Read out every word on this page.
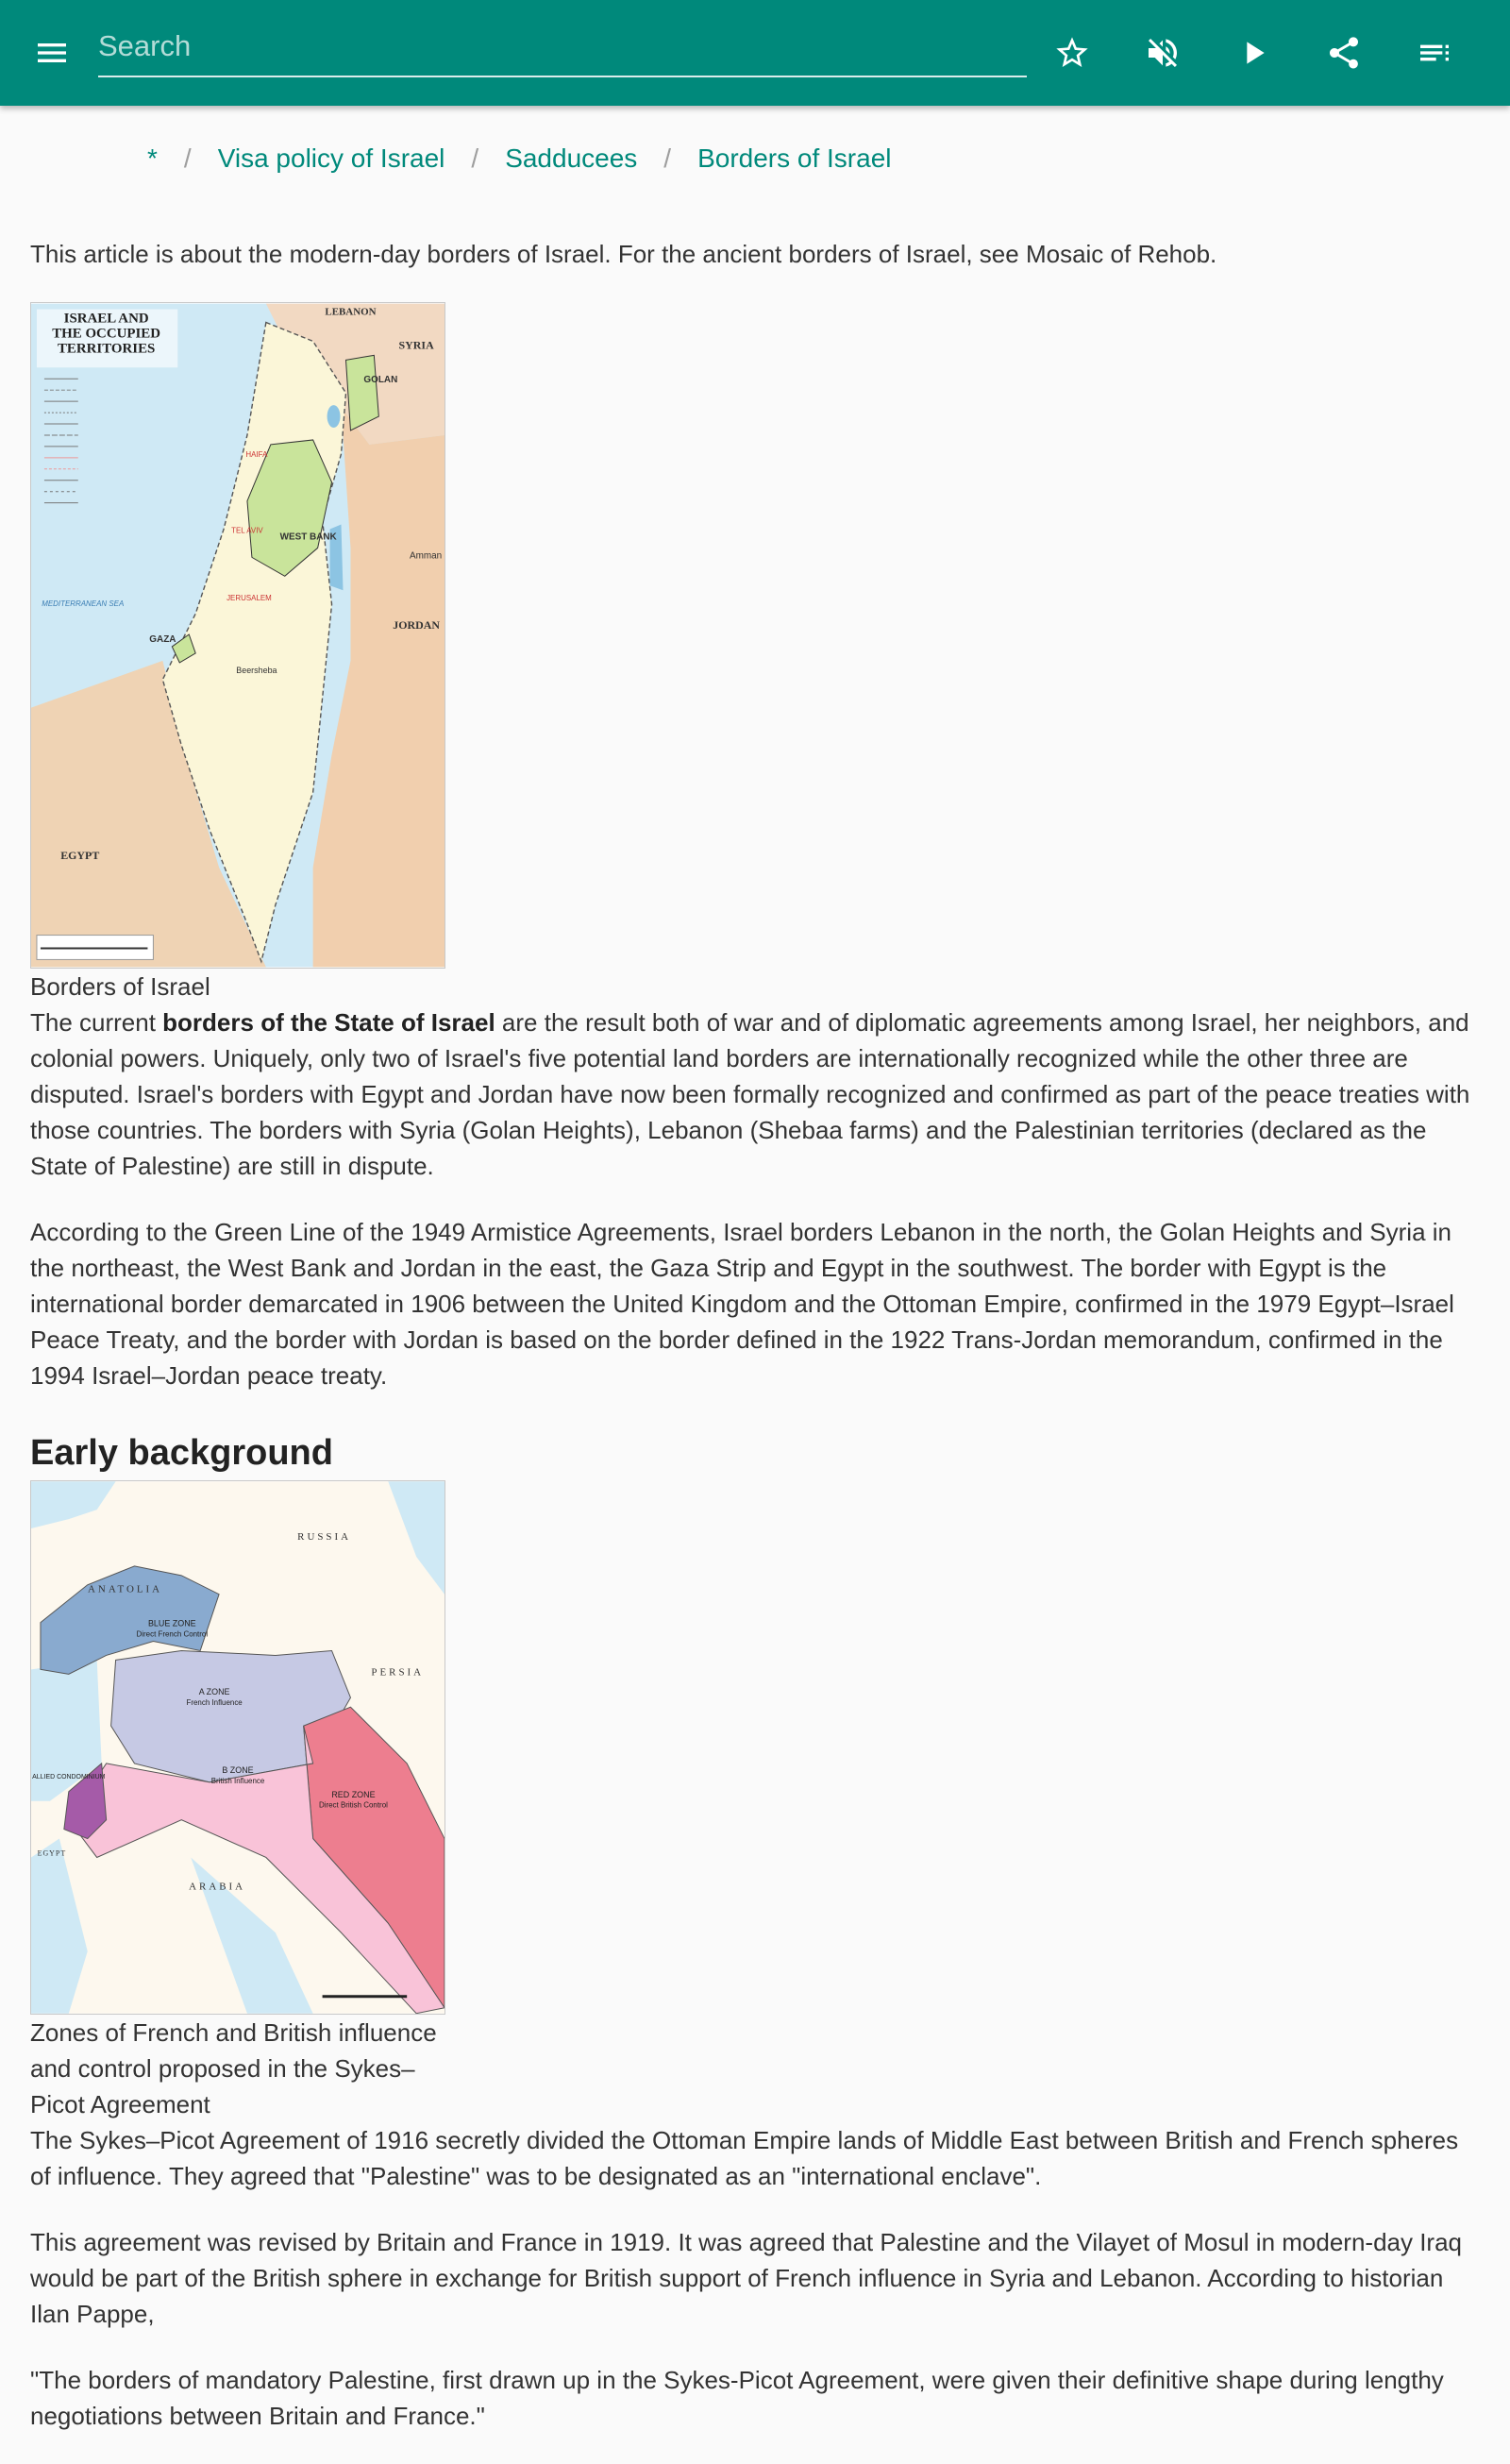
Search
* / Visa policy of Israel / Sadducees / Borders of Israel

This article is about the modern-day borders of Israel. For the ancient borders of Israel, see Mosaic of Rehob.

ISRAEL AND
THE OCCUPIED
TERRITORIES
LEBANON
SYRIA
GOLAN
WEST BANK
JORDAN
Amman
EGYPT
GAZA
HAIFA
TEL AVIV
JERUSALEM
Beersheba
MEDITERRANEAN SEA
Borders of Israel

The current borders of the State of Israel are the result both of war and of diplomatic agreements among Israel, her neighbors, and colonial powers. Uniquely, only two of Israel's five potential land borders are internationally recognized while the other three are disputed. Israel's borders with Egypt and Jordan have now been formally recognized and confirmed as part of the peace treaties with those countries. The borders with Syria (Golan Heights), Lebanon (Shebaa farms) and the Palestinian territories (declared as the State of Palestine) are still in dispute.

According to the Green Line of the 1949 Armistice Agreements, Israel borders Lebanon in the north, the Golan Heights and Syria in the northeast, the West Bank and Jordan in the east, the Gaza Strip and Egypt in the southwest. The border with Egypt is the international border demarcated in 1906 between the United Kingdom and the Ottoman Empire, confirmed in the 1979 Egypt–Israel Peace Treaty, and the border with Jordan is based on the border defined in the 1922 Trans-Jordan memorandum, confirmed in the 1994 Israel–Jordan peace treaty.

Early background
RUSSIA
ANATOLIA
PERSIA
ARABIA
EGYPT
BLUE ZONE
Direct French Control
A ZONE
French Influence
B ZONE
British Influence
RED ZONE
Direct British Control
ALLIED CONDOMINIUM
Zones of French and British influence and control proposed in the Sykes–Picot Agreement

The Sykes–Picot Agreement of 1916 secretly divided the Ottoman Empire lands of Middle East between British and French spheres of influence. They agreed that "Palestine" was to be designated as an "international enclave".

This agreement was revised by Britain and France in 1919. It was agreed that Palestine and the Vilayet of Mosul in modern-day Iraq would be part of the British sphere in exchange for British support of French influence in Syria and Lebanon. According to historian Ilan Pappe,

"The borders of mandatory Palestine, first drawn up in the Sykes-Picot Agreement, were given their definitive shape during lengthy negotiations between Britain and France."
